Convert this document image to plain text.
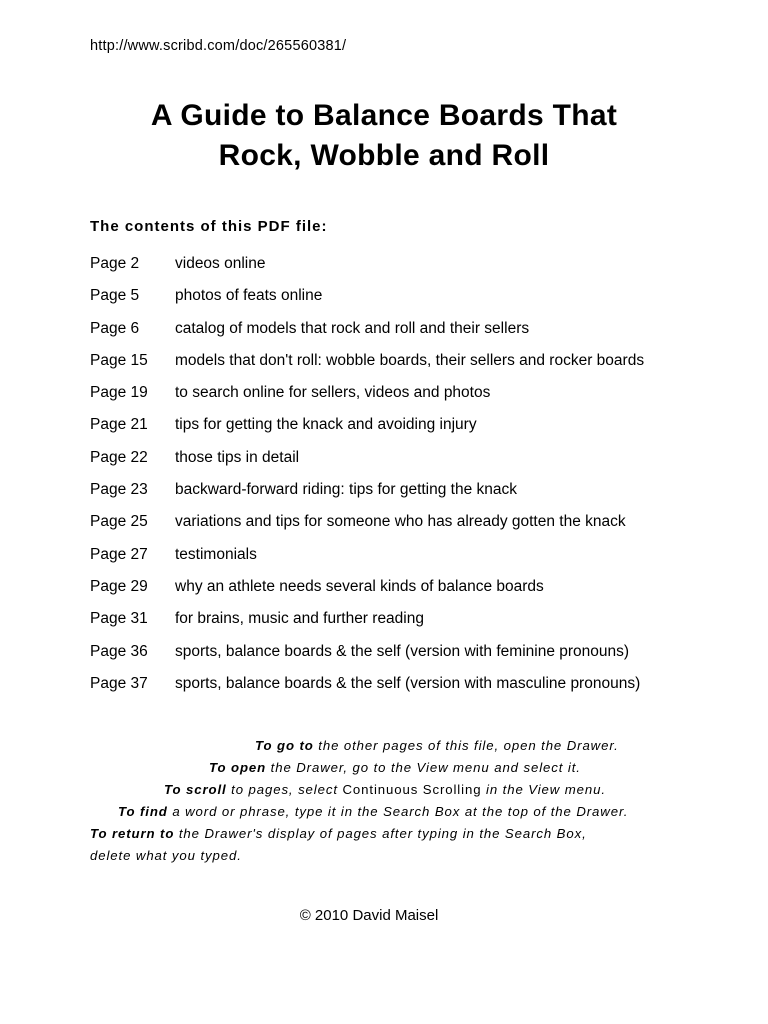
http://www.scribd.com/doc/265560381/
A Guide to Balance Boards That
Rock, Wobble and Roll
The contents of this PDF file:
Page 2	videos online
Page 5	photos of feats online
Page 6	catalog of models that rock and roll and their sellers
Page 15	models that don't roll: wobble boards, their sellers and rocker boards
Page 19	to search online for sellers, videos and photos
Page 21	tips for getting the knack and avoiding injury
Page 22	those tips in detail
Page 23	backward-forward riding: tips for getting the knack
Page 25	variations and tips for someone who has already gotten the knack
Page 27	testimonials
Page 29	why an athlete needs several kinds of balance boards
Page 31	for brains, music and further reading
Page 36	sports, balance boards & the self (version with feminine pronouns)
Page 37	sports, balance boards & the self (version with masculine pronouns)
To go to the other pages of this file, open the Drawer.
To open the Drawer, go to the View menu and select it.
To scroll to pages, select Continuous Scrolling in the View menu.
To find a word or phrase, type it in the Search Box at the top of the Drawer.
To return to the Drawer's display of pages after typing in the Search Box,
delete what you typed.
© 2010 David Maisel
